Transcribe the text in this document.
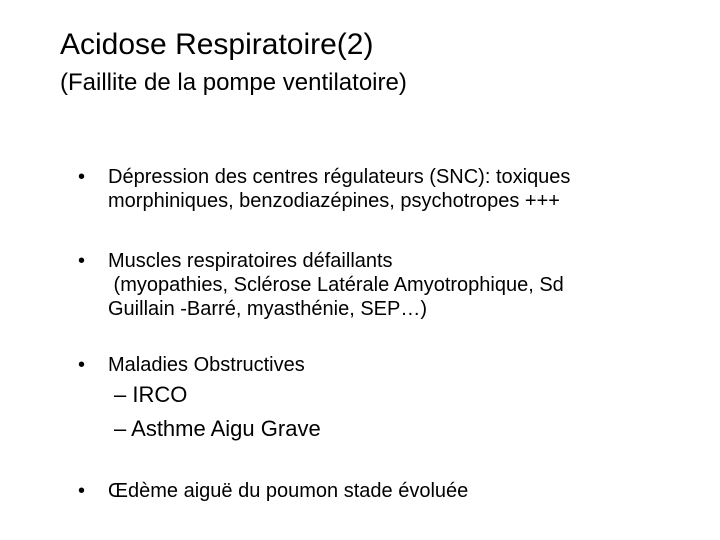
Acidose Respiratoire(2)
(Faillite de la pompe ventilatoire)
• Dépression des centres régulateurs (SNC): toxiques
morphiniques, benzodiazépines, psychotropes +++
• Muscles respiratoires défaillants
(myopathies, Sclérose Latérale Amyotrophique, Sd
Guillain -Barré, myasthénie, SEP…)
• Maladies Obstructives
– IRCO
– Asthme Aigu Grave
• Œdème aiguë du poumon stade évoluée
